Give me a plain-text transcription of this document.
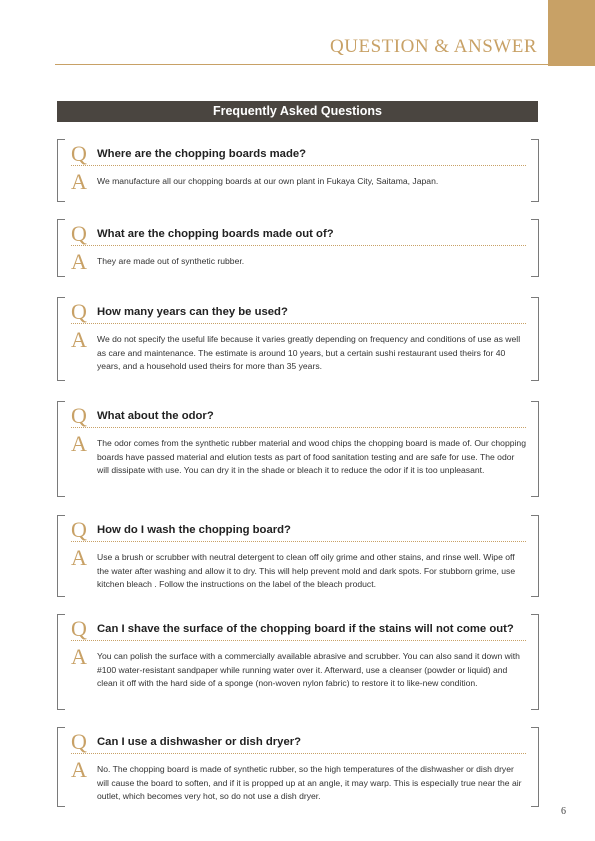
QUESTION & ANSWER
Frequently Asked Questions
Q Where are the chopping boards made?
A We manufacture all our chopping boards at our own plant in Fukaya City, Saitama, Japan.
Q What are the chopping boards made out of?
A They are made out of synthetic rubber.
Q How many years can they be used?
A We do not specify the useful life because it varies greatly depending on frequency and conditions of use as well as care and maintenance. The estimate is around 10 years, but a certain sushi restaurant used theirs for 40 years, and a household used theirs for more than 35 years.
Q What about the odor?
A The odor comes from the synthetic rubber material and wood chips the chopping board is made of. Our chopping boards have passed material and elution tests as part of food sanitation testing and are safe for use. The odor will dissipate with use. You can dry it in the shade or bleach it to reduce the odor if it is too unpleasant.
Q How do I wash the chopping board?
A Use a brush or scrubber with neutral detergent to clean off oily grime and other stains, and rinse well. Wipe off the water after washing and allow it to dry. This will help prevent mold and dark spots. For stubborn grime, use kitchen bleach . Follow the instructions on the label of the bleach product.
Q Can I shave the surface of the chopping board if the stains will not come out?
A You can polish the surface with a commercially available abrasive and scrubber. You can also sand it down with #100 water-resistant sandpaper while running water over it. Afterward, use a cleanser (powder or liquid) and clean it off with the hard side of a sponge (non-woven nylon fabric) to restore it to like-new condition.
Q Can I use a dishwasher or dish dryer?
A No. The chopping board is made of synthetic rubber, so the high temperatures of the dishwasher or dish dryer will cause the board to soften, and if it is propped up at an angle, it may warp. This is especially true near the air outlet, which becomes very hot, so do not use a dish dryer.
6
